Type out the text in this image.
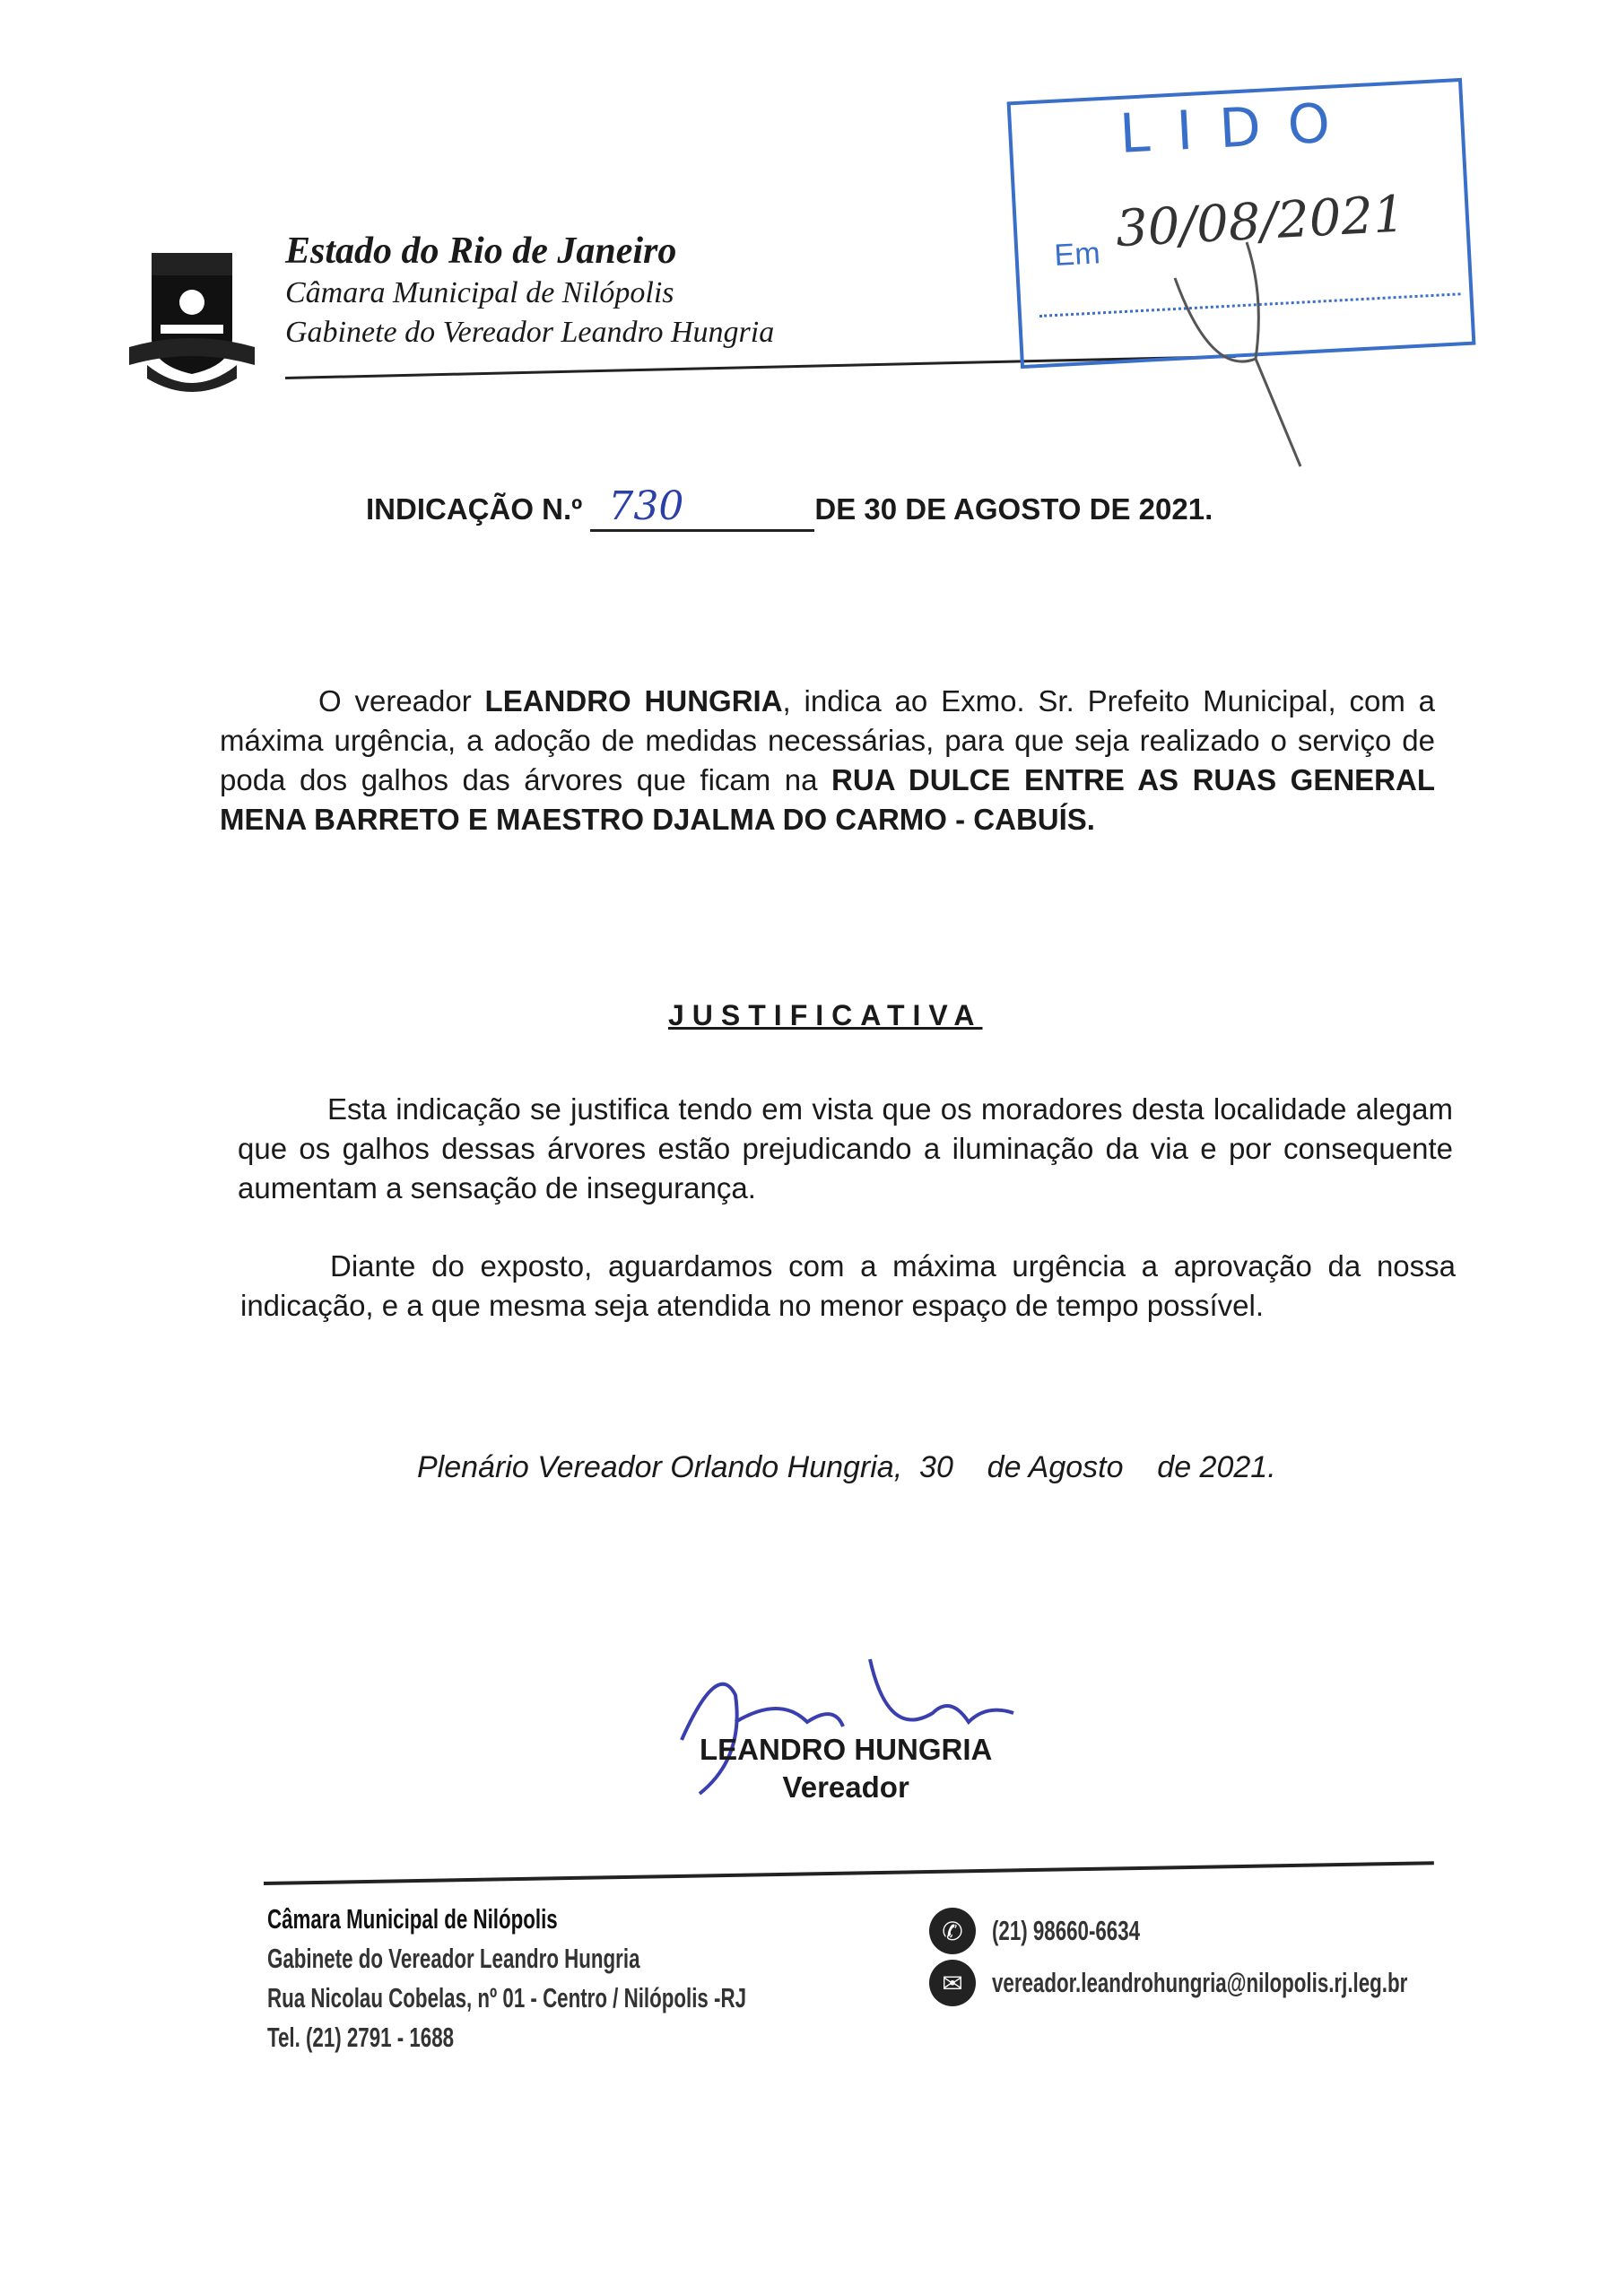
Estado do Rio de Janeiro
Câmara Municipal de Nilópolis
Gabinete do Vereador Leandro Hungria
LIDO
Em 30/08/2021
INDICAÇÃO N.º 730	DE 30 DE AGOSTO DE 2021.
O vereador LEANDRO HUNGRIA, indica ao Exmo. Sr. Prefeito Municipal, com a máxima urgência, a adoção de medidas necessárias, para que seja realizado o serviço de poda dos galhos das árvores que ficam na RUA DULCE ENTRE AS RUAS GENERAL MENA BARRETO E MAESTRO DJALMA DO CARMO - CABUÍS.
JUSTIFICATIVA
Esta indicação se justifica tendo em vista que os moradores desta localidade alegam que os galhos dessas árvores estão prejudicando a iluminação da via e por consequente aumentam a sensação de insegurança.
Diante do exposto, aguardamos com a máxima urgência a aprovação da nossa indicação, e a que mesma seja atendida no menor espaço de tempo possível.
Plenário Vereador Orlando Hungria,  30    de Agosto    de 2021.
LEANDRO HUNGRIA
Vereador
Câmara Municipal de Nilópolis
Gabinete do Vereador Leandro Hungria
Rua Nicolau Cobelas, nº 01 - Centro / Nilópolis -RJ
Tel. (21) 2791 - 1688
✆	(21) 98660-6634
✉	vereador.leandrohungria@nilopolis.rj.leg.br
